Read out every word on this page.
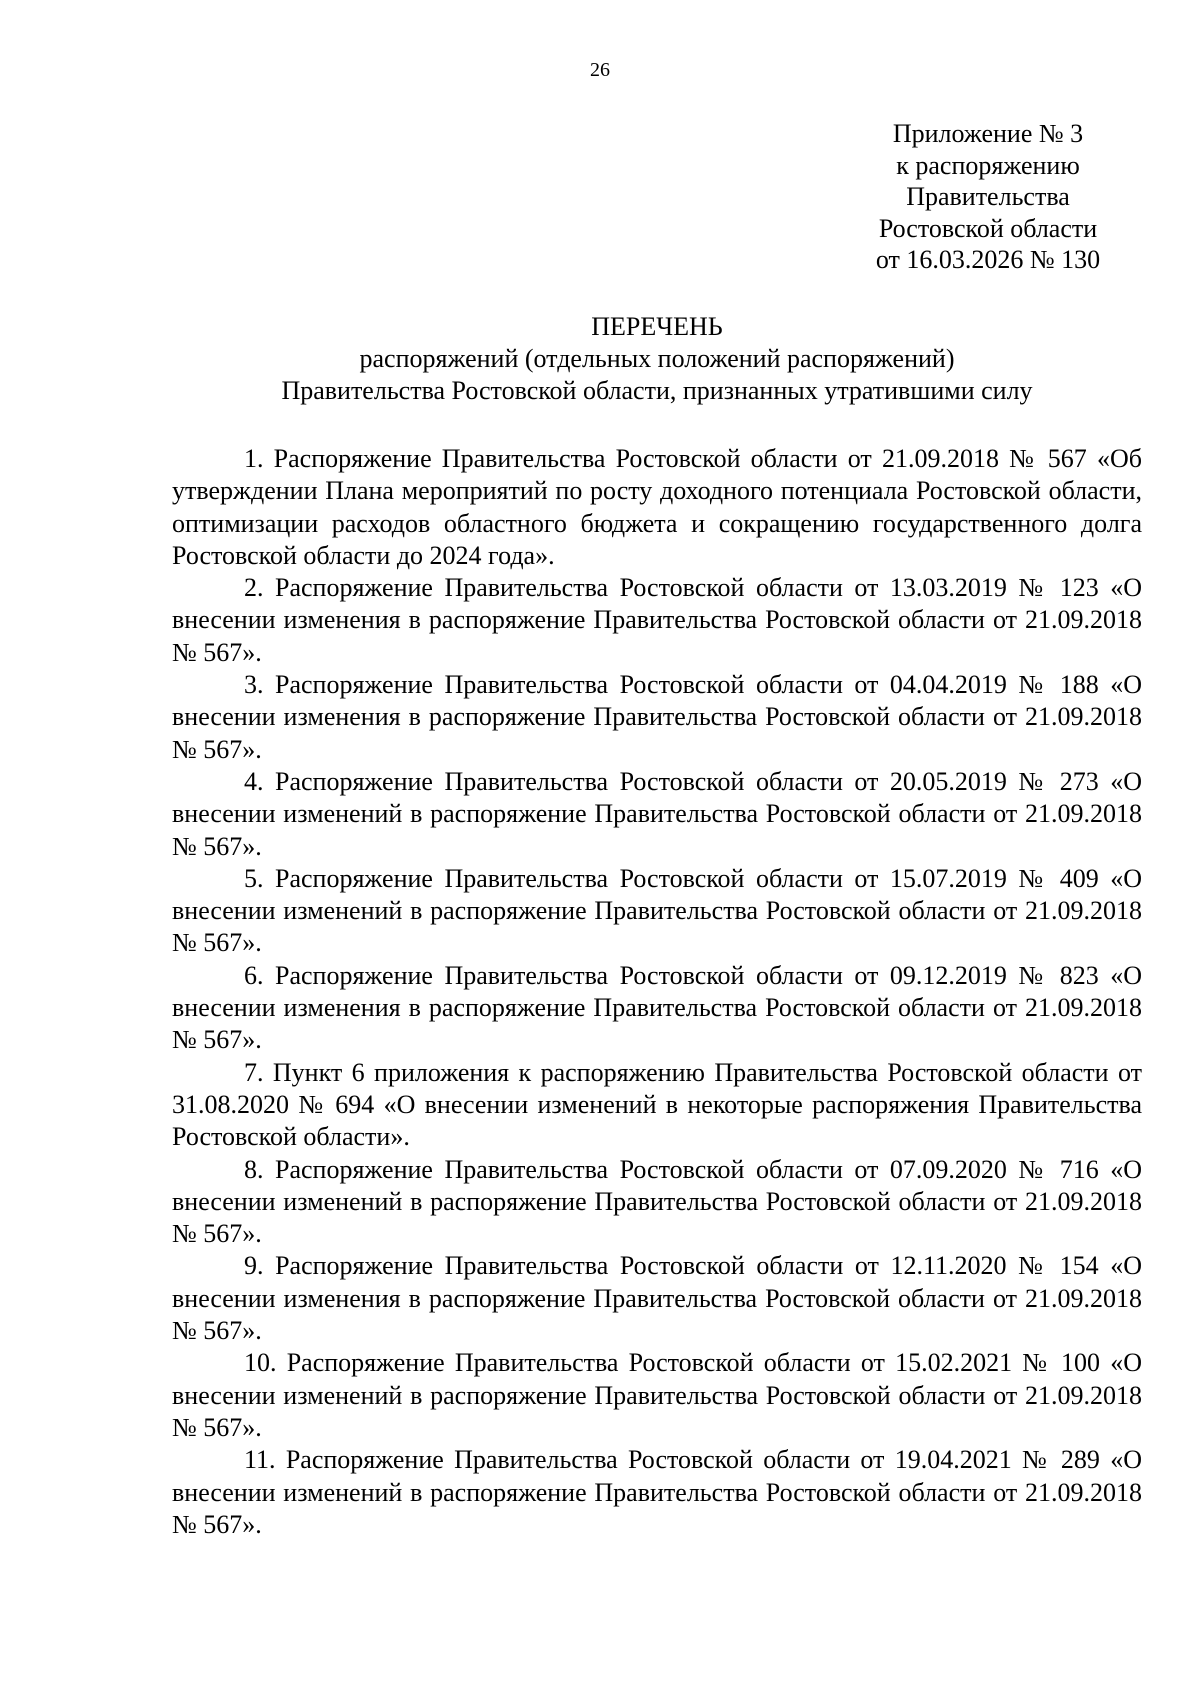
26
Приложение № 3
к распоряжению
Правительства
Ростовской области
от 16.03.2026 № 130
ПЕРЕЧЕНЬ
распоряжений (отдельных положений распоряжений)
Правительства Ростовской области, признанных утратившими силу

1. Распоряжение Правительства Ростовской области от 21.09.2018 № 567 «Об утверждении Плана мероприятий по росту доходного потенциала Ростовской области, оптимизации расходов областного бюджета и сокращению государственного долга Ростовской области до 2024 года».

2. Распоряжение Правительства Ростовской области от 13.03.2019 № 123 «О внесении изменения в распоряжение Правительства Ростовской области от 21.09.2018 № 567».

3. Распоряжение Правительства Ростовской области от 04.04.2019 № 188 «О внесении изменения в распоряжение Правительства Ростовской области от 21.09.2018 № 567».

4. Распоряжение Правительства Ростовской области от 20.05.2019 № 273 «О внесении изменений в распоряжение Правительства Ростовской области от 21.09.2018 № 567».

5. Распоряжение Правительства Ростовской области от 15.07.2019 № 409 «О внесении изменений в распоряжение Правительства Ростовской области от 21.09.2018 № 567».

6. Распоряжение Правительства Ростовской области от 09.12.2019 № 823 «О внесении изменения в распоряжение Правительства Ростовской области от 21.09.2018 № 567».

7. Пункт 6 приложения к распоряжению Правительства Ростовской области от 31.08.2020 № 694 «О внесении изменений в некоторые распоряжения Правительства Ростовской области».

8. Распоряжение Правительства Ростовской области от 07.09.2020 № 716 «О внесении изменений в распоряжение Правительства Ростовской области от 21.09.2018 № 567».

9. Распоряжение Правительства Ростовской области от 12.11.2020 № 154 «О внесении изменения в распоряжение Правительства Ростовской области от 21.09.2018 № 567».

10. Распоряжение Правительства Ростовской области от 15.02.2021 № 100 «О внесении изменений в распоряжение Правительства Ростовской области от 21.09.2018 № 567».

11. Распоряжение Правительства Ростовской области от 19.04.2021 № 289 «О внесении изменений в распоряжение Правительства Ростовской области от 21.09.2018 № 567».
